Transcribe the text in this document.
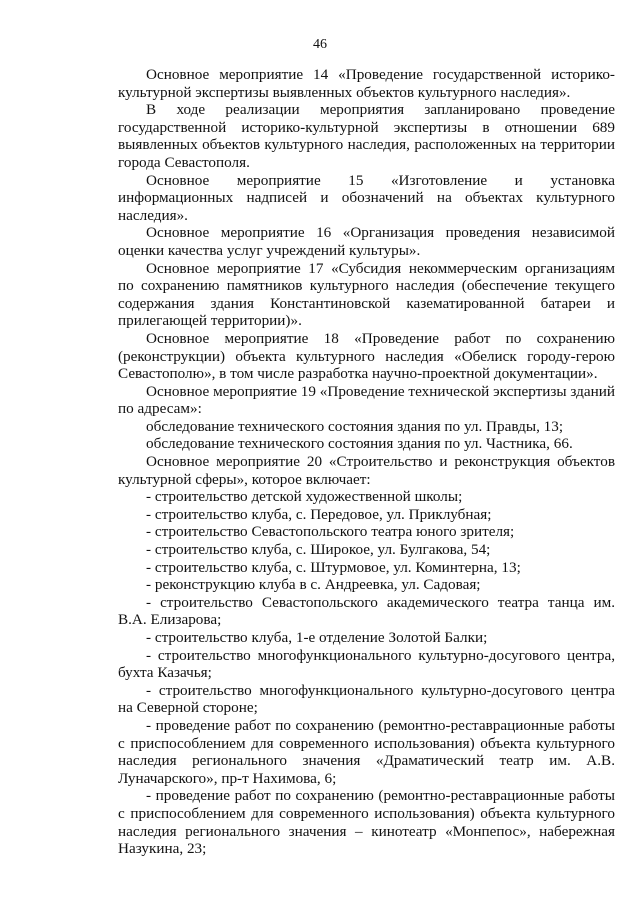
46

Основное мероприятие 14 «Проведение государственной историко-культурной экспертизы выявленных объектов культурного наследия».

В ходе реализации мероприятия запланировано проведение государственной историко-культурной экспертизы в отношении 689 выявленных объектов культурного наследия, расположенных на территории города Севастополя.

Основное мероприятие 15 «Изготовление и установка информационных надписей и обозначений на объектах культурного наследия».

Основное мероприятие 16 «Организация проведения независимой оценки качества услуг учреждений культуры».

Основное мероприятие 17 «Субсидия некоммерческим организациям по сохранению памятников культурного наследия (обеспечение текущего содержания здания Константиновской казематированной батареи и прилегающей территории)».

Основное мероприятие 18 «Проведение работ по сохранению (реконструкции) объекта культурного наследия «Обелиск городу-герою Севастополю», в том числе разработка научно-проектной документации».

Основное мероприятие 19 «Проведение технической экспертизы зданий по адресам»:

обследование технического состояния здания по ул. Правды, 13;

обследование технического состояния здания по ул. Частника, 66.

Основное мероприятие 20 «Строительство и реконструкция объектов культурной сферы», которое включает:

- строительство детской художественной школы;

- строительство клуба, с. Передовое, ул. Приклубная;

- строительство Севастопольского театра юного зрителя;

- строительство клуба, с. Широкое, ул. Булгакова, 54;

- строительство клуба, с. Штурмовое, ул. Коминтерна, 13;

- реконструкцию клуба в с. Андреевка, ул. Садовая;

- строительство Севастопольского академического театра танца им. В.А. Елизарова;

- строительство клуба, 1-е отделение Золотой Балки;

- строительство многофункционального культурно-досугового центра, бухта Казачья;

- строительство многофункционального культурно-досугового центра на Северной стороне;

- проведение работ по сохранению (ремонтно-реставрационные работы с приспособлением для современного использования) объекта культурного наследия регионального значения «Драматический театр им. А.В. Луначарского», пр-т Нахимова, 6;

- проведение работ по сохранению (ремонтно-реставрационные работы с приспособлением для современного использования) объекта культурного наследия регионального значения – кинотеатр «Монпепос», набережная Назукина, 23;
